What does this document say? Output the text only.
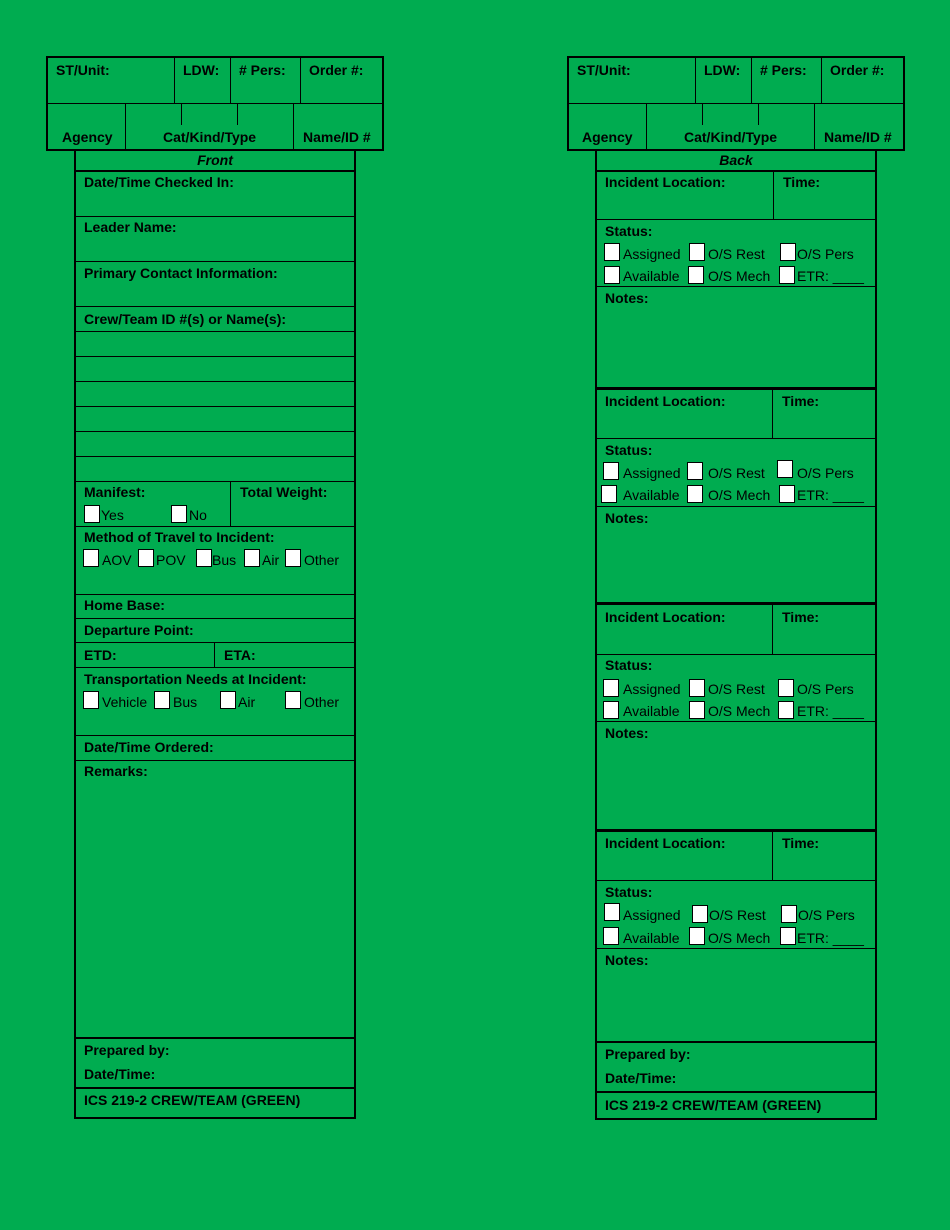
ST/Unit:	LDW: # Pers: Order #:
Agency	Cat/Kind/Type	Name/ID #
Front
Date/Time Checked In:
Leader Name:
Primary Contact Information:
Crew/Team ID #(s) or Name(s):
Manifest:	Total Weight:
Yes	No
Method of Travel to Incident:
AOV POV Bus Air Other
Home Base:
Departure Point:
ETD:	ETA:
Transportation Needs at Incident:
Vehicle Bus	Air	Other
Date/Time Ordered:
Remarks:
Prepared by:
Date/Time:
ICS 219-2 CREW/TEAM (GREEN)
ST/Unit:	LDW: # Pers: Order #:
Agency	Cat/Kind/Type	Name/ID #
Back
Incident Location:	Time:
Status:
Assigned O/S Rest O/S Pers
Available O/S Mech ETR: ____
Notes:
Incident Location:	Time:
Status:
Assigned O/S Rest O/S Pers
Available O/S Mech ETR: ____
Notes:
Incident Location:	Time:
Status:
Assigned O/S Rest O/S Pers
Available O/S Mech ETR: ____
Notes:
Incident Location:	Time:
Status:
Assigned O/S Rest O/S Pers
Available O/S Mech ETR: ____
Notes:
Prepared by:
Date/Time:
ICS 219-2 CREW/TEAM (GREEN)
